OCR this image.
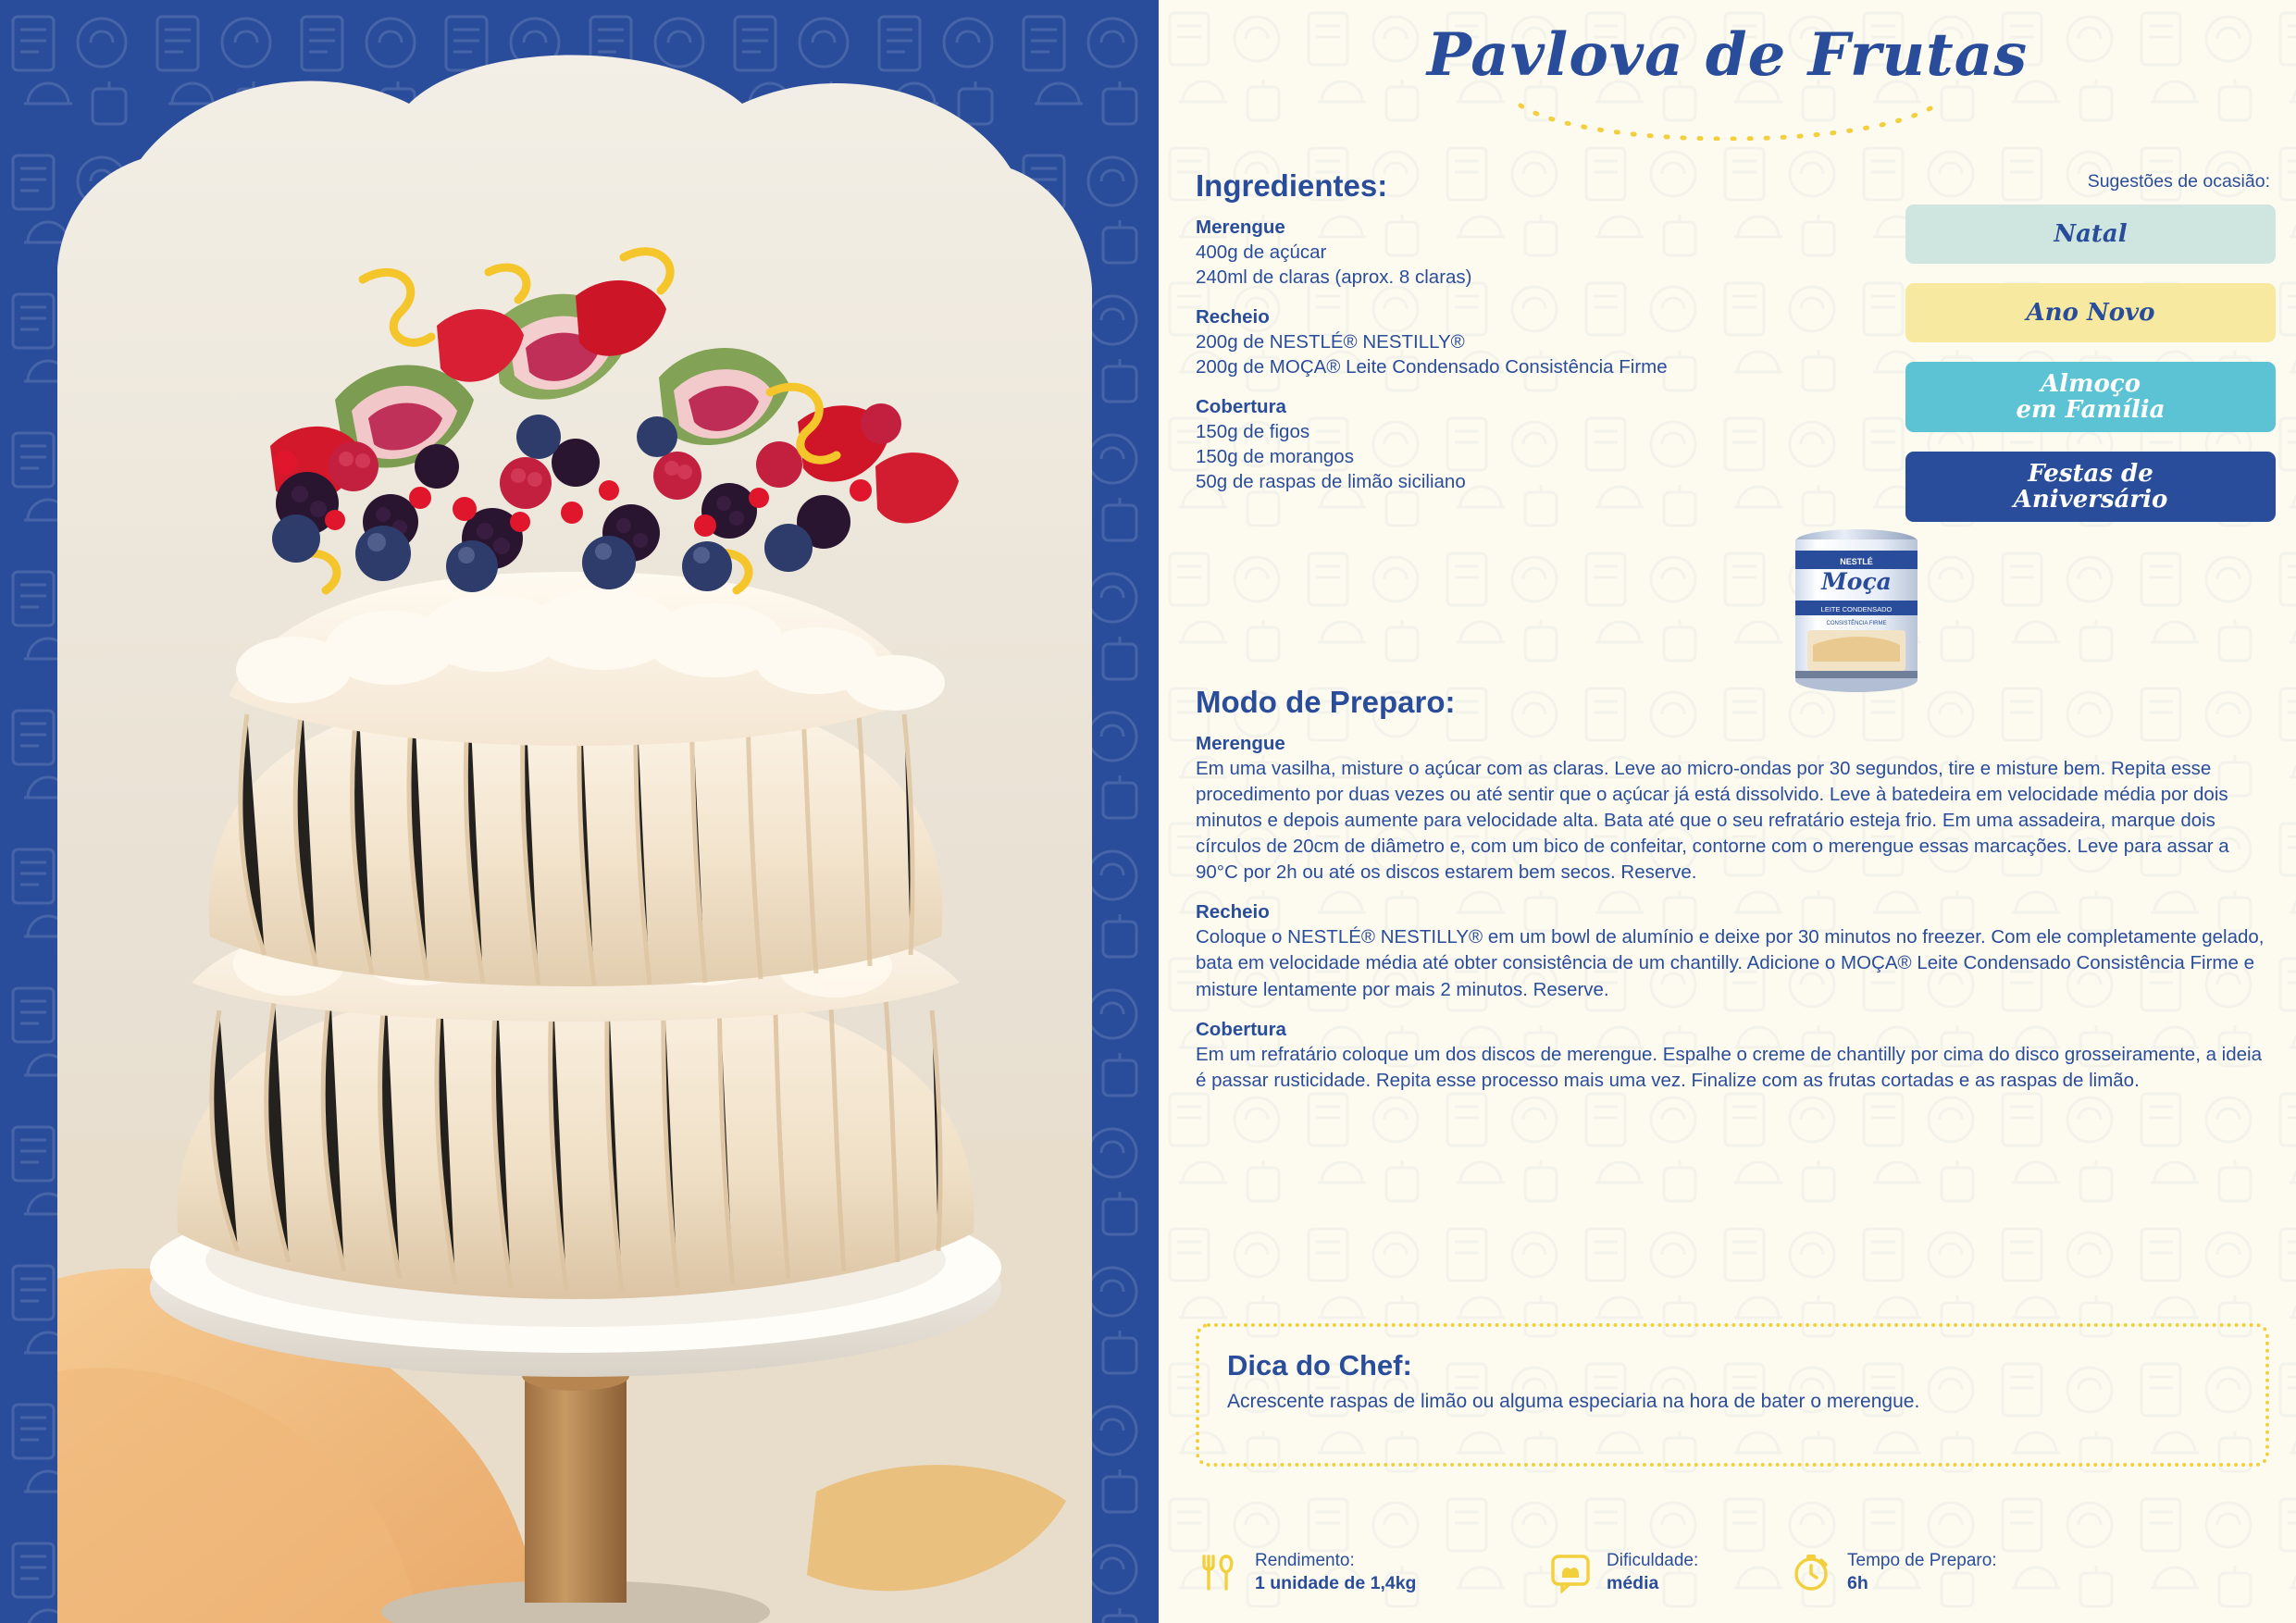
Pavlova de Frutas
Ingredientes:
Merengue
400g de açúcar
240ml de claras (aprox. 8 claras)
Recheio
200g de NESTLÉ® NESTILLY®
200g de MOÇA® Leite Condensado Consistência Firme
Cobertura
150g de figos
150g de morangos
50g de raspas de limão siciliano
Sugestões de ocasião:
Natal
Ano Novo
Almoço
em Família
Festas de
Aniversário
NESTLÉ
Moça
LEITE CONDENSADO
CONSISTÊNCIA FIRME
Modo de Preparo:
Merengue

Em uma vasilha, misture o açúcar com as claras. Leve ao micro-ondas por 30 segundos, tire e misture bem. Repita esse procedimento por duas vezes ou até sentir que o açúcar já está dissolvido. Leve à batedeira em velocidade média por dois minutos e depois aumente para velocidade alta. Bata até que o seu refratário esteja frio. Em uma assadeira, marque dois círculos de 20cm de diâmetro e, com um bico de confeitar, contorne com o merengue essas marcações. Leve para assar a 90°C por 2h ou até os discos estarem bem secos. Reserve.

Recheio

Coloque o NESTLÉ® NESTILLY® em um bowl de alumínio e deixe por 30 minutos no freezer. Com ele completamente gelado, bata em velocidade média até obter consistência de um chantilly. Adicione o MOÇA® Leite Condensado Consistência Firme e misture lentamente por mais 2 minutos. Reserve.

Cobertura

Em um refratário coloque um dos discos de merengue. Espalhe o creme de chantilly por cima do disco grosseiramente, a ideia é passar rusticidade. Repita esse processo mais uma vez. Finalize com as frutas cortadas e as raspas de limão.

Dica do Chef:

Acrescente raspas de limão ou alguma especiaria na hora de bater o merengue.

Rendimento:
1 unidade de 1,4kg
Dificuldade:
média
Tempo de Preparo:
6h
